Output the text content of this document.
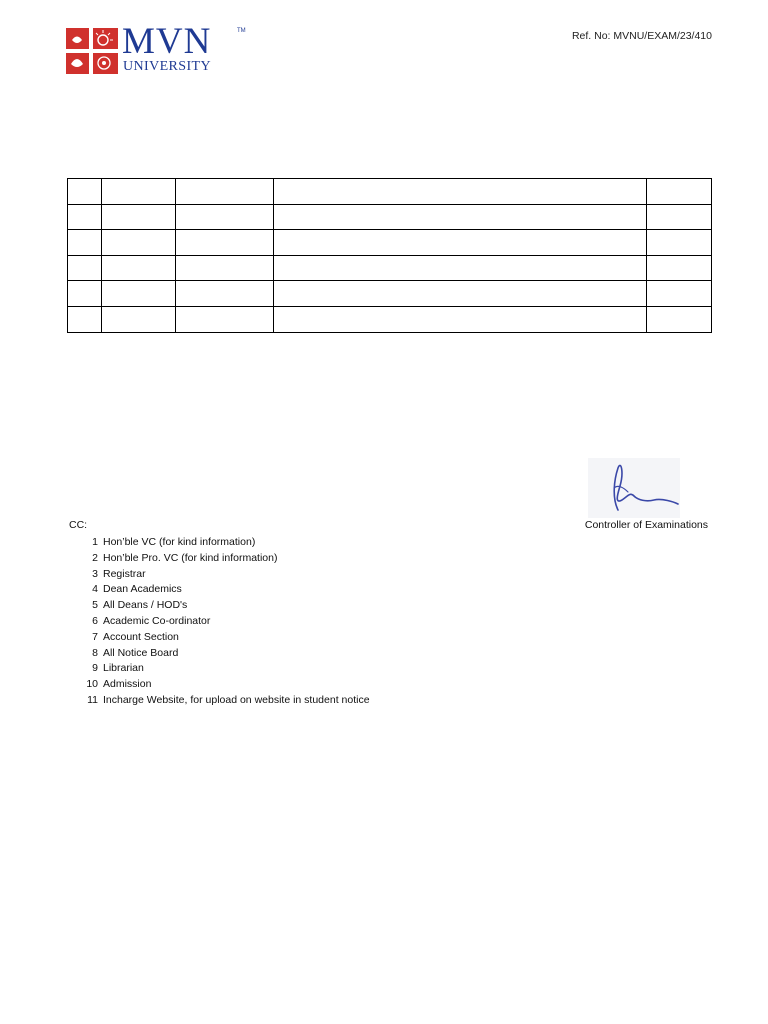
MVN	TM
UNIVERSITY
Ref. No: MVNU/EXAM/23/410

CC:	Controller of Examinations
1 Hon’ble VC (for kind information)
2 Hon’ble Pro. VC (for kind information)
3 Registrar
4 Dean Academics
5 All Deans / HOD's
6 Academic Co-ordinator
7 Account Section
8 All Notice Board
9 Librarian
10 Admission
11 Incharge Website, for upload on website in student notice
